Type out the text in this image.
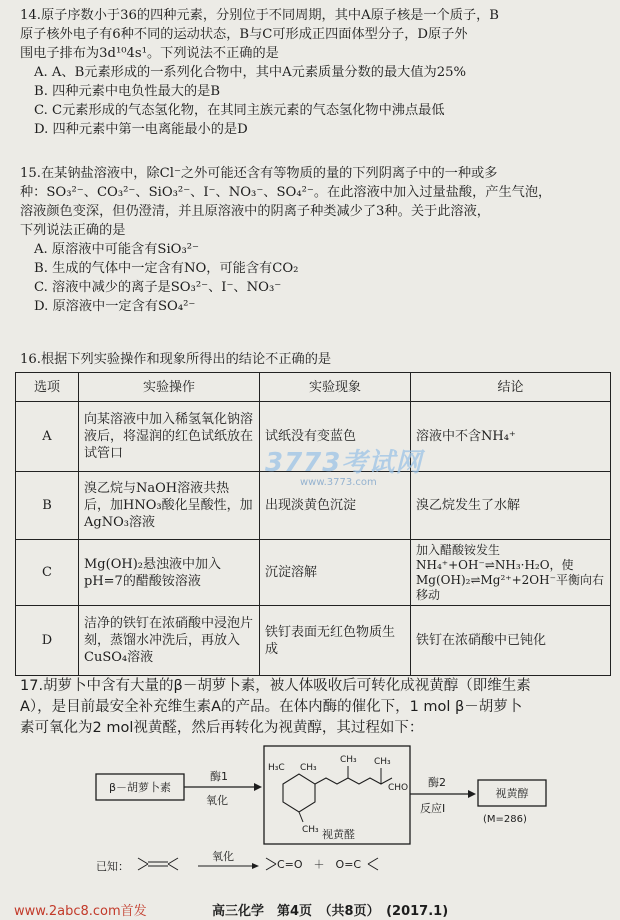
14.原子序数小于36的四种元素，分别位于不同周期，其中A原子核是一个质子，B

原子核外电子有6种不同的运动状态，B与C可形成正四面体型分子，D原子外

围电子排布为3d¹⁰4s¹。下列说法不正确的是

A. A、B元素形成的一系列化合物中，其中A元素质量分数的最大值为25%

B. 四种元素中电负性最大的是B

C. C元素形成的气态氢化物，在其同主族元素的气态氢化物中沸点最低

D. 四种元素中第一电离能最小的是D

15.在某钠盐溶液中，除Cl⁻之外可能还含有等物质的量的下列阴离子中的一种或多

种：SO₃²⁻、CO₃²⁻、SiO₃²⁻、I⁻、NO₃⁻、SO₄²⁻。在此溶液中加入过量盐酸，产生气泡，

溶液颜色变深，但仍澄清，并且原溶液中的阴离子种类减少了3种。关于此溶液，

下列说法正确的是

A. 原溶液中可能含有SiO₃²⁻

B. 生成的气体中一定含有NO，可能含有CO₂

C. 溶液中减少的离子是SO₃²⁻、I⁻、NO₃⁻

D. 原溶液中一定含有SO₄²⁻

16.根据下列实验操作和现象所得出的结论不正确的是

选项	实验操作	实验现象	结论
A	向某溶液中加入稀氢氧化钠溶液后，将湿润的红色试纸放在试管口	试纸没有变蓝色	溶液中不含NH₄⁺
B	溴乙烷与NaOH溶液共热后，加HNO₃酸化呈酸性，加AgNO₃溶液	出现淡黄色沉淀	溴乙烷发生了水解
C	Mg(OH)₂悬浊液中加入pH=7的醋酸铵溶液	沉淀溶解	加入醋酸铵发生NH₄⁺+OH⁻⇌NH₃·H₂O，使Mg(OH)₂⇌Mg²⁺+2OH⁻平衡向右移动
D	洁净的铁钉在浓硝酸中浸泡片刻，蒸馏水冲洗后，再放入CuSO₄溶液	铁钉表面无红色物质生成	铁钉在浓硝酸中已钝化
3773考试网
www.3773.com

17.胡萝卜中含有大量的β－胡萝卜素，被人体吸收后可转化成视黄醇（即维生素

A），是目前最安全补充维生素A的产品。在体内酶的催化下，1 mol β－胡萝卜

素可氧化为2 mol视黄醛，然后再转化为视黄醇，其过程如下：

β－胡萝卜素
酶1
氧化
H₃C CH₃
CH₃ CH₃
CHO
CH₃ 视黄醛
酶2
反应Ⅰ
视黄醇
(M=286)
已知：
氧化
C=O　＋　O=C
www.2abc8.com首发	高三化学　第4页　（共8页）　(2017.1)
